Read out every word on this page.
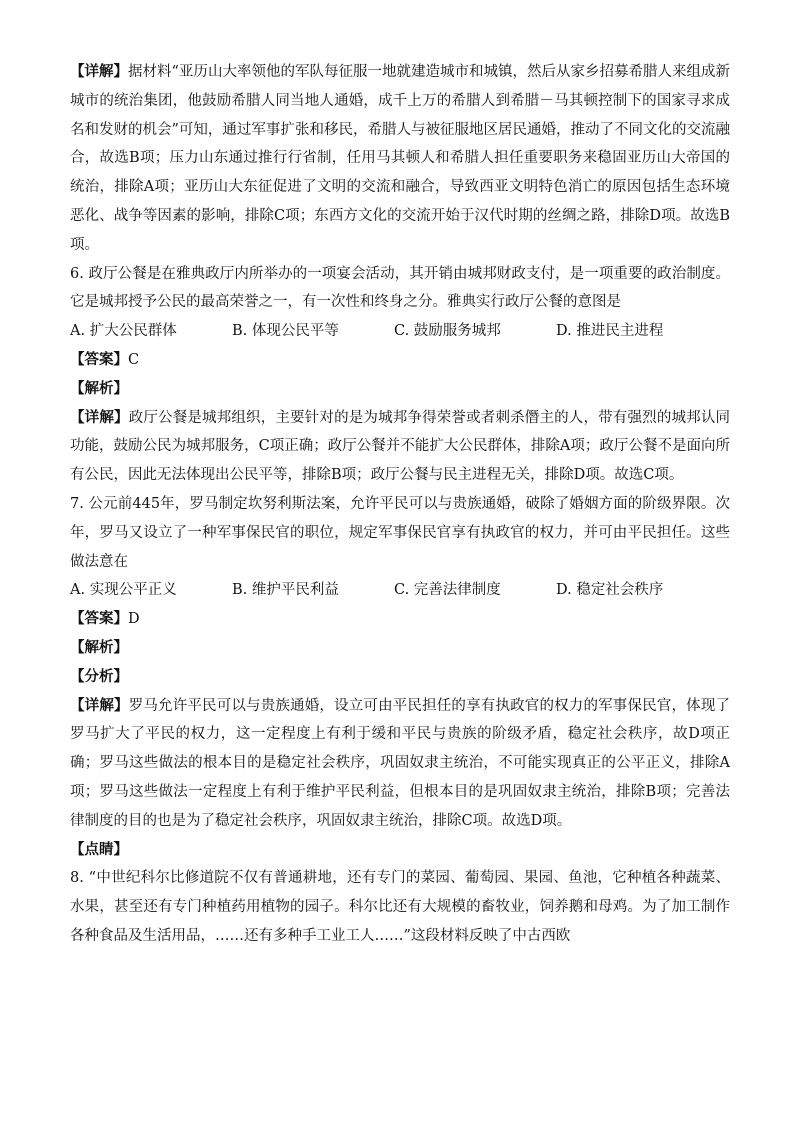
【详解】据材料“亚历山大率领他的军队每征服一地就建造城市和城镇，然后从家乡招募希腊人来组成新城市的统治集团，他鼓励希腊人同当地人通婚，成千上万的希腊人到希腊－马其顿控制下的国家寻求成名和发财的机会”可知，通过军事扩张和移民，希腊人与被征服地区居民通婚，推动了不同文化的交流融合，故选B项；压力山东通过推行行省制，任用马其顿人和希腊人担任重要职务来稳固亚历山大帝国的统治，排除A项；亚历山大东征促进了文明的交流和融合，导致西亚文明特色消亡的原因包括生态环境恶化、战争等因素的影响，排除C项；东西方文化的交流开始于汉代时期的丝绸之路，排除D项。故选B项。

6. 政厅公餐是在雅典政厅内所举办的一项宴会活动，其开销由城邦财政支付，是一项重要的政治制度。它是城邦授予公民的最高荣誉之一，有一次性和终身之分。雅典实行政厅公餐的意图是

A. 扩大公民群体	B. 体现公民平等	C. 鼓励服务城邦	D. 推进民主进程

【答案】C

【解析】

【详解】政厅公餐是城邦组织，主要针对的是为城邦争得荣誉或者刺杀僭主的人，带有强烈的城邦认同功能，鼓励公民为城邦服务，C项正确；政厅公餐并不能扩大公民群体，排除A项；政厅公餐不是面向所有公民，因此无法体现出公民平等，排除B项；政厅公餐与民主进程无关，排除D项。故选C项。

7. 公元前445年，罗马制定坎努利斯法案，允许平民可以与贵族通婚，破除了婚姻方面的阶级界限。次年，罗马又设立了一种军事保民官的职位，规定军事保民官享有执政官的权力，并可由平民担任。这些做法意在

A. 实现公平正义	B. 维护平民利益	C. 完善法律制度	D. 稳定社会秩序

【答案】D

【解析】

【分析】

【详解】罗马允许平民可以与贵族通婚，设立可由平民担任的享有执政官的权力的军事保民官，体现了罗马扩大了平民的权力，这一定程度上有利于缓和平民与贵族的阶级矛盾，稳定社会秩序，故D项正确；罗马这些做法的根本目的是稳定社会秩序，巩固奴隶主统治，不可能实现真正的公平正义，排除A项；罗马这些做法一定程度上有利于维护平民利益，但根本目的是巩固奴隶主统治，排除B项；完善法律制度的目的也是为了稳定社会秩序，巩固奴隶主统治，排除C项。故选D项。

【点睛】

8. “中世纪科尔比修道院不仅有普通耕地，还有专门的菜园、葡萄园、果园、鱼池，它种植各种蔬菜、水果，甚至还有专门种植药用植物的园子。科尔比还有大规模的畜牧业，饲养鹅和母鸡。为了加工制作各种食品及生活用品，……还有多种手工业工人……”这段材料反映了中古西欧
